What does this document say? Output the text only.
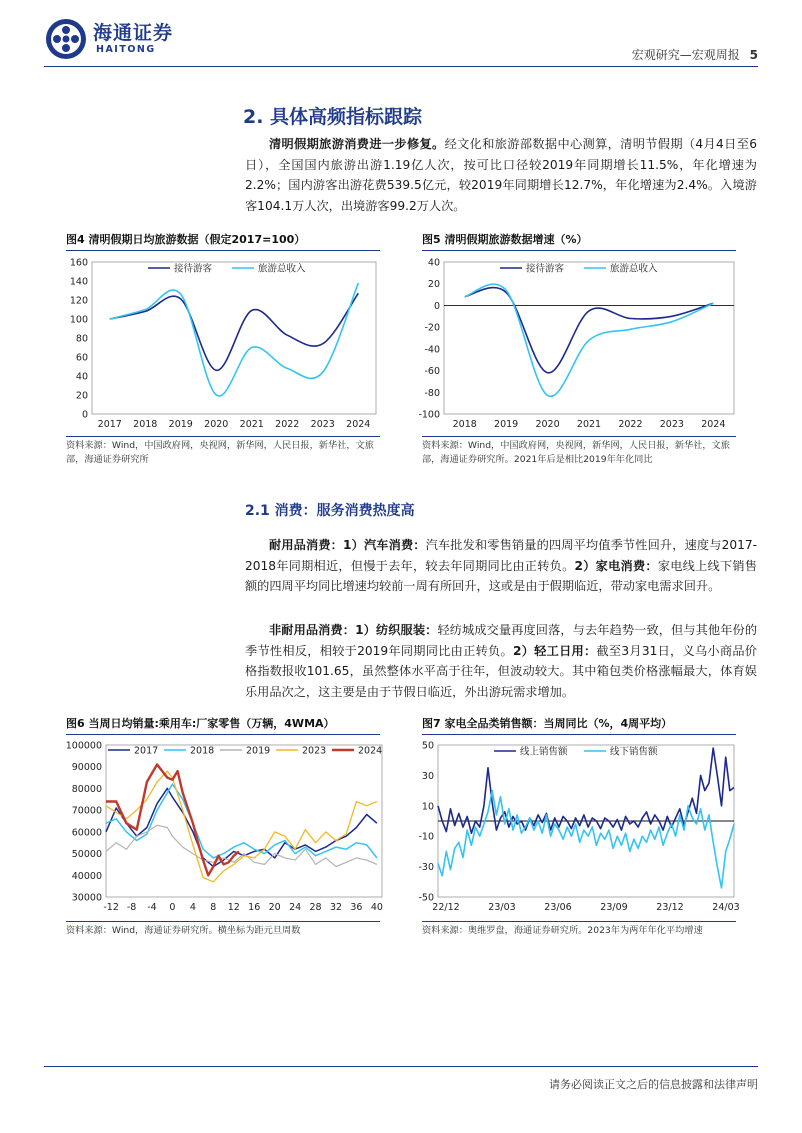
海通证券
HAITONG	宏观研究—宏观周报 5
2. 具体高频指标跟踪
清明假期旅游消费进一步修复。经文化和旅游部数据中心测算，清明节假期（4月4日至6日），全国国内旅游出游1.19亿人次，按可比口径较2019年同期增长11.5%，年化增速为2.2%；国内游客出游花费539.5亿元，较2019年同期增长12.7%，年化增速为2.4%。入境游客104.1万人次，出境游客99.2万人次。
图4 清明假期日均旅游数据（假定2017=100）
0
20
40
60
80
100
120
140
160
2017 2018 2019 2020 2021 2022 2023 2024
接待游客	旅游总收入
资料来源：Wind，中国政府网，央视网，新华网，人民日报，新华社，文旅部，海通证券研究所
图5 清明假期旅游数据增速（%）
-100
-80
-60
-40
-20
0
20
40
2018 2019 2020 2021 2022 2023 2024
接待游客	旅游总收入
资料来源：Wind，中国政府网，央视网，新华网，人民日报，新华社，文旅部，海通证券研究所。2021年后是相比2019年年化同比
2.1 消费：服务消费热度高
耐用品消费：1）汽车消费：汽车批发和零售销量的四周平均值季节性回升，速度与2017-2018年同期相近，但慢于去年，较去年同期同比由正转负。2）家电消费：家电线上线下销售额的四周平均同比增速均较前一周有所回升，这或是由于假期临近，带动家电需求回升。
非耐用品消费：1）纺织服装：轻纺城成交量再度回落，与去年趋势一致，但与其他年份的季节性相反，相较于2019年同期同比由正转负。2）轻工日用：截至3月31日，义乌小商品价格指数报收101.65，虽然整体水平高于往年，但波动较大。其中箱包类价格涨幅最大，体育娱乐用品次之，这主要是由于节假日临近，外出游玩需求增加。
图6 当周日均销量:乘用车:厂家零售（万辆，4WMA）
30000
40000
50000
60000
70000
80000
90000
100000
-12 -8 -4 0 4 8 12 16 20 24 28 32 36 40
2017	2018	2019	2023	2024
资料来源：Wind，海通证券研究所。横坐标为距元旦周数
图7 家电全品类销售额：当周同比（%，4周平均）
-50
-30
-10
10
30
50
22/12	23/03	23/06	23/09	23/12	24/03
线上销售额	线下销售额
资料来源：奥维罗盘，海通证券研究所。2023年为两年年化平均增速
请务必阅读正文之后的信息披露和法律声明
